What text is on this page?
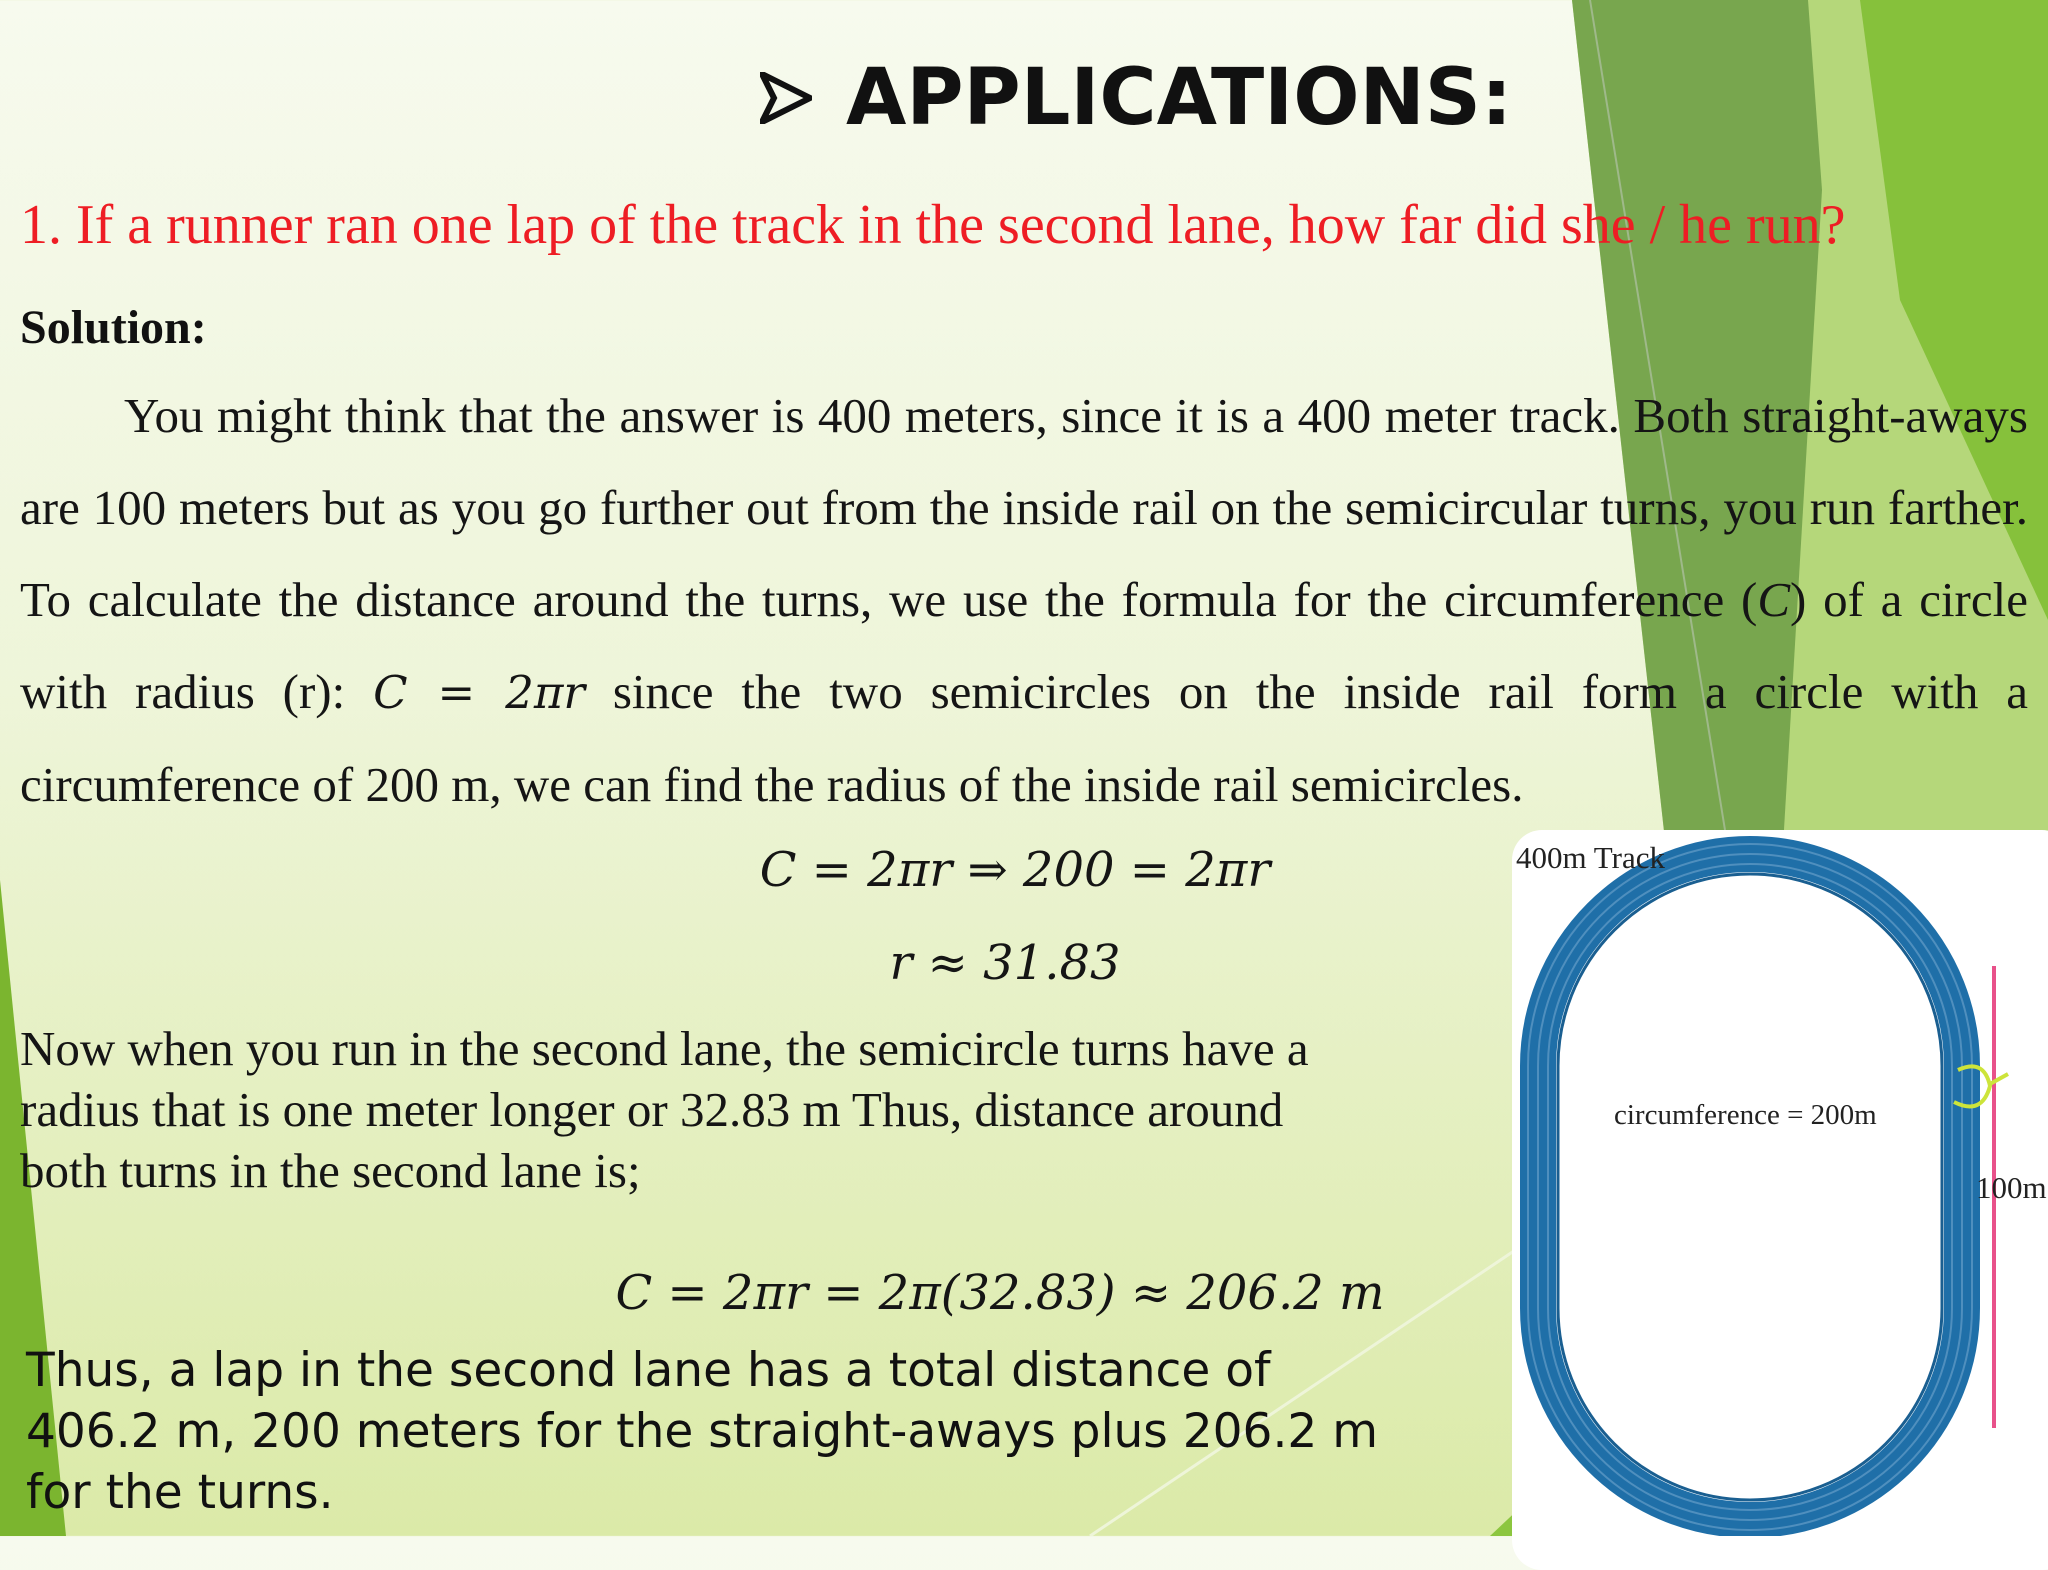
APPLICATIONS:
1. If a runner ran one lap of the track in the second lane, how far did she / he run?
Solution:

You might think that the answer is 400 meters, since it is a 400 meter track. Both straight-aways are 100 meters but as you go further out from the inside rail on the semicircular turns, you run farther. To calculate the distance around the turns, we use the formula for the circumference (C) of a circle with radius (r): C = 2πr since the two semicircles on the inside rail form a circle with a circumference of 200 m, we can find the radius of the inside rail semicircles.

C = 2πr ⇒ 200 = 2πr
r ≈ 31.83

Now when you run in the second lane, the semicircle turns have a radius that is one meter longer or 32.83 m Thus, distance around both turns in the second lane is;

C = 2πr = 2π(32.83) ≈ 206.2 m

Thus, a lap in the second lane has a total distance of 406.2 m, 200 meters for the straight-aways plus 206.2 m for the turns.

400m Track
circumference = 200m
100m
